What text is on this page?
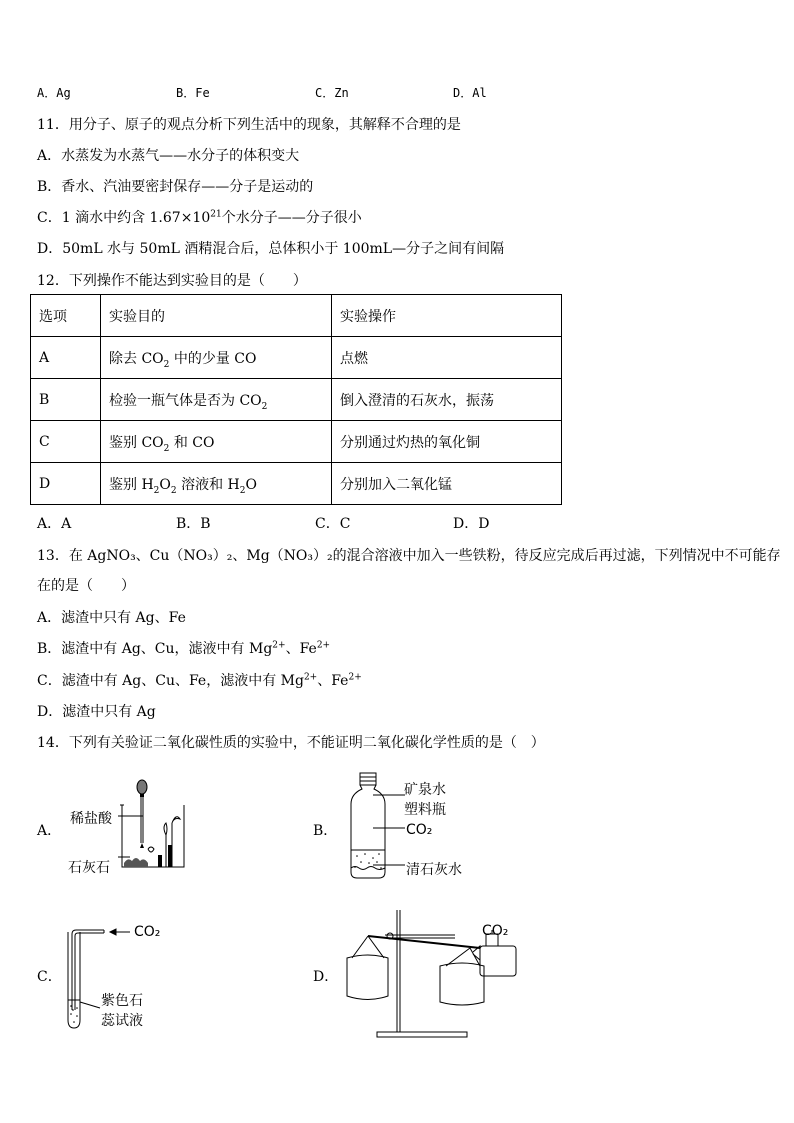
A．Ag	B．Fe	C．Zn	D．Al
11．用分子、原子的观点分析下列生活中的现象，其解释不合理的是
A．水蒸发为水蒸气——水分子的体积变大
B．香水、汽油要密封保存——分子是运动的
C．1 滴水中约含 $1.67\times 10^{21}$个水分子——分子很小
D．50mL 水与 50mL 酒精混合后，总体积小于 100mL—分子之间有间隔
12．下列操作不能达到实验目的是（　　）
选项	实验目的	实验操作
A	除去 $CO_2$ 中的少量 CO	点燃
B	检验一瓶气体是否为 $CO_2$	倒入澄清的石灰水，振荡
C	鉴别 $CO_2$ 和 CO	分别通过灼热的氧化铜
D	鉴别 $H_2O_2$ 溶液和 $H_2O$	分别加入二氧化锰
A．A	B．B	C．C	D．D
13．在 AgNO₃、Cu（NO₃）₂、Mg（NO₃）₂的混合溶液中加入一些铁粉，待反应完成后再过滤，下列情况中不可能存
在的是（　　）
A．滤渣中只有 Ag、Fe
B．滤渣中有 Ag、Cu，滤液中有 $Mg^{2+}$、$Fe^{2+}$
C．滤渣中有 Ag、Cu、Fe，滤液中有 $Mg^{2+}$、$Fe^{2+}$
D．滤渣中只有 Ag
14．下列有关验证二氧化碳性质的实验中，不能证明二氧化碳化学性质的是（　）
A．
稀盐酸
石灰石
B．
矿泉水
塑料瓶
CO₂
清石灰水
C．
CO₂
紫色石
蕊试液
D．
CO₂
